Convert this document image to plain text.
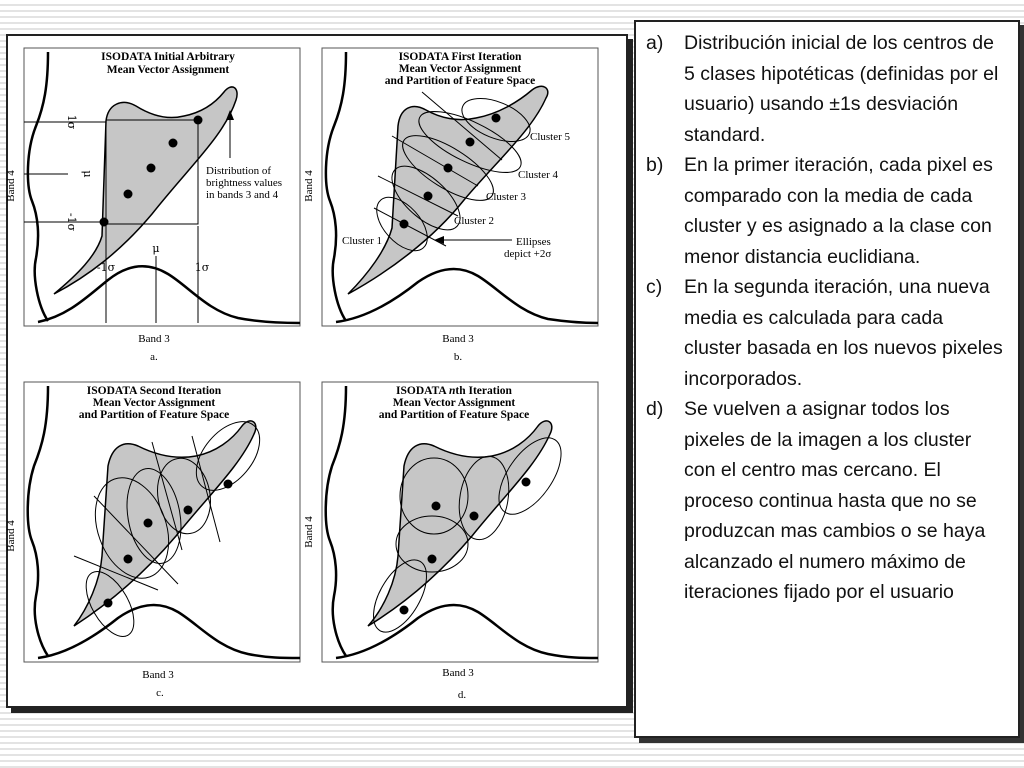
ISODATA Initial Arbitrary
Mean Vector Assignment
Distribution of
brightness values
in bands 3 and 4
μ
-1σ	1σ
1σ
μ
-1σ
Band 4
Band 3
a.
ISODATA First Iteration
Mean Vector Assignment
and Partition of Feature Space
Cluster 5
Cluster 4
Cluster 3
Cluster 2
Cluster 1	Ellipses
depict +2σ
Band 4
Band 3
b.
ISODATA Second Iteration
Mean Vector Assignment
and Partition of Feature Space
Band 4
Band 3
c.
ISODATA nth Iteration
Mean Vector Assignment
and Partition of Feature Space
Band 4
Band 3
d.
a) Distribución inicial de los centros de 5 clases hipotéticas (definidas por el usuario) usando ±1s desviación standard.
b) En la primer iteración, cada pixel es comparado con la media de cada cluster y es asignado a la clase con menor distancia euclidiana.
c) En la segunda iteración, una nueva media es calculada para cada cluster basada en los nuevos pixeles incorporados.
d) Se vuelven a asignar todos los pixeles de la imagen a los cluster con el centro mas cercano. El proceso continua hasta que no se produzcan mas cambios o se haya alcanzado el numero máximo de iteraciones fijado por el usuario
